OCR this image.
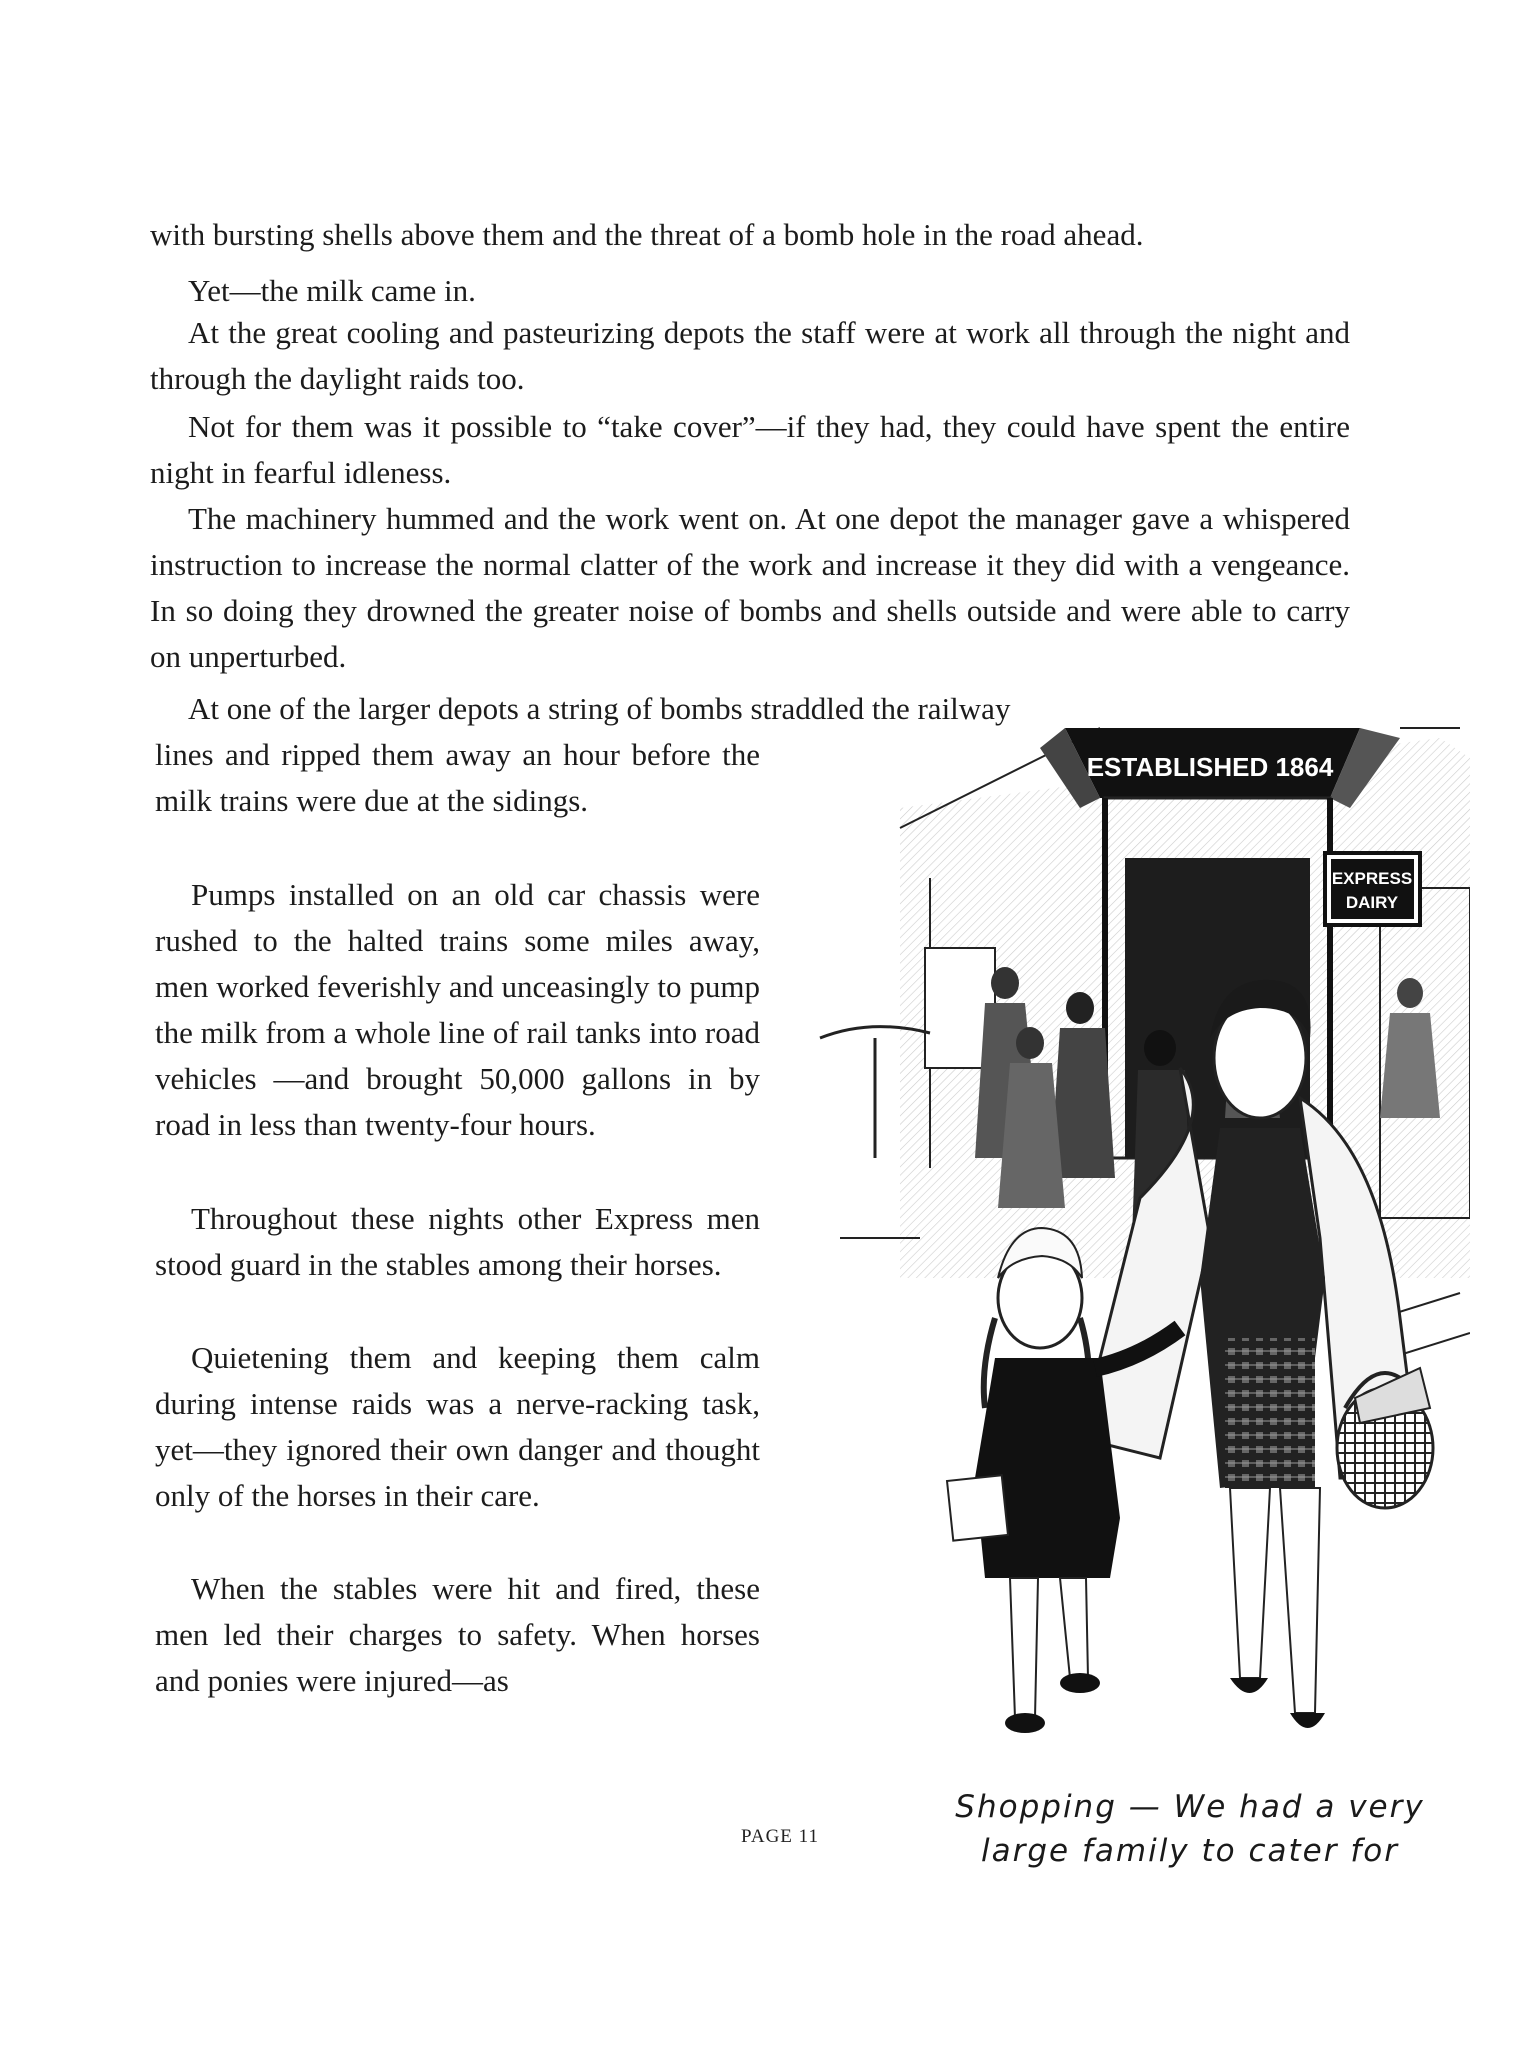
with bursting shells above them and the threat of a bomb hole in the road ahead.

Yet—the milk came in.

At the great cooling and pasteurizing depots the staff were at work all through the night and through the daylight raids too.

Not for them was it possible to “take cover”—if they had, they could have spent the entire night in fearful idleness.

The machinery hummed and the work went on. At one depot the manager gave a whispered instruction to increase the normal clatter of the work and increase it they did with a vengeance. In so doing they drowned the greater noise of bombs and shells outside and were able to carry on unperturbed.

At one of the larger depots a string of bombs straddled the railway

lines and ripped them away an hour before the milk trains were due at the sidings.

Pumps installed on an old car chassis were rushed to the halted trains some miles away, men worked feverishly and unceasingly to pump the milk from a whole line of rail tanks into road vehicles —and brought 50,000 gallons in by road in less than twenty-four hours.

Throughout these nights other Express men stood guard in the stables among their horses.

Quietening them and keeping them calm during intense raids was a nerve-racking task, yet—they ignored their own danger and thought only of the horses in their care.

When the stables were hit and fired, these men led their charges to safety. When horses and ponies were injured—as

ESTABLISHED 1864
EXPRESS
DAIRY
Shopping — We had a very
large family to cater for
PAGE 11
